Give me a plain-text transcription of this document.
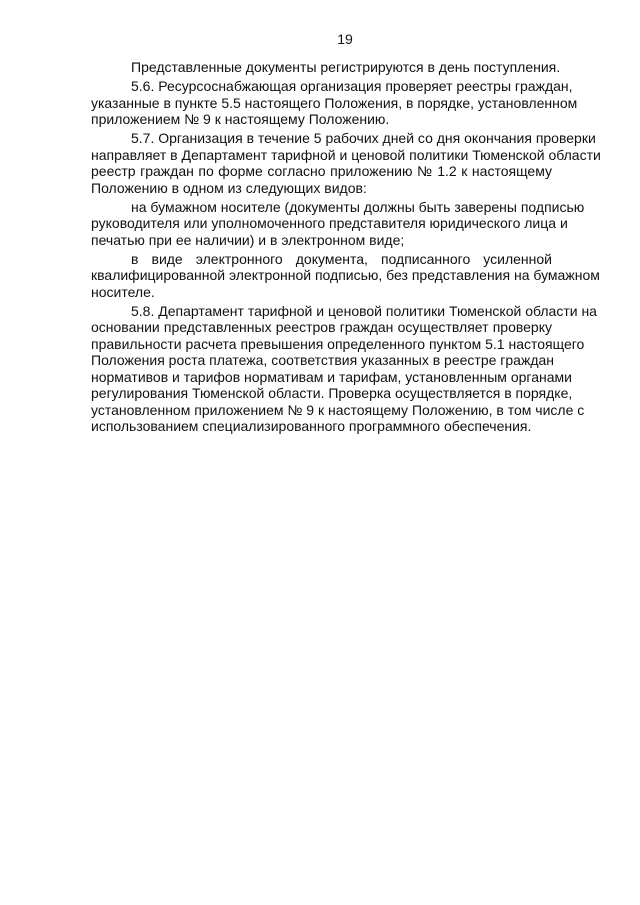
19
Представленные документы регистрируются в день поступления.
5.6. Ресурсоснабжающая организация проверяет реестры граждан,
указанные в пункте 5.5 настоящего Положения, в порядке, установленном
приложением № 9 к настоящему Положению.
5.7. Организация в течение 5 рабочих дней со дня окончания проверки
направляет в Департамент тарифной и ценовой политики Тюменской области
реестр граждан по форме согласно приложению № 1.2 к настоящему
Положению в одном из следующих видов:
на бумажном носителе (документы должны быть заверены подписью
руководителя или уполномоченного представителя юридического лица и
печатью при ее наличии) и в электронном виде;
в виде электронного документа, подписанного усиленной
квалифицированной электронной подписью, без представления на бумажном
носителе.
5.8. Департамент тарифной и ценовой политики Тюменской области на
основании представленных реестров граждан осуществляет проверку
правильности расчета превышения определенного пунктом 5.1 настоящего
Положения роста платежа, соответствия указанных в реестре граждан
нормативов и тарифов нормативам и тарифам, установленным органами
регулирования Тюменской области. Проверка осуществляется в порядке,
установленном приложением № 9 к настоящему Положению, в том числе с
использованием специализированного программного обеспечения.
